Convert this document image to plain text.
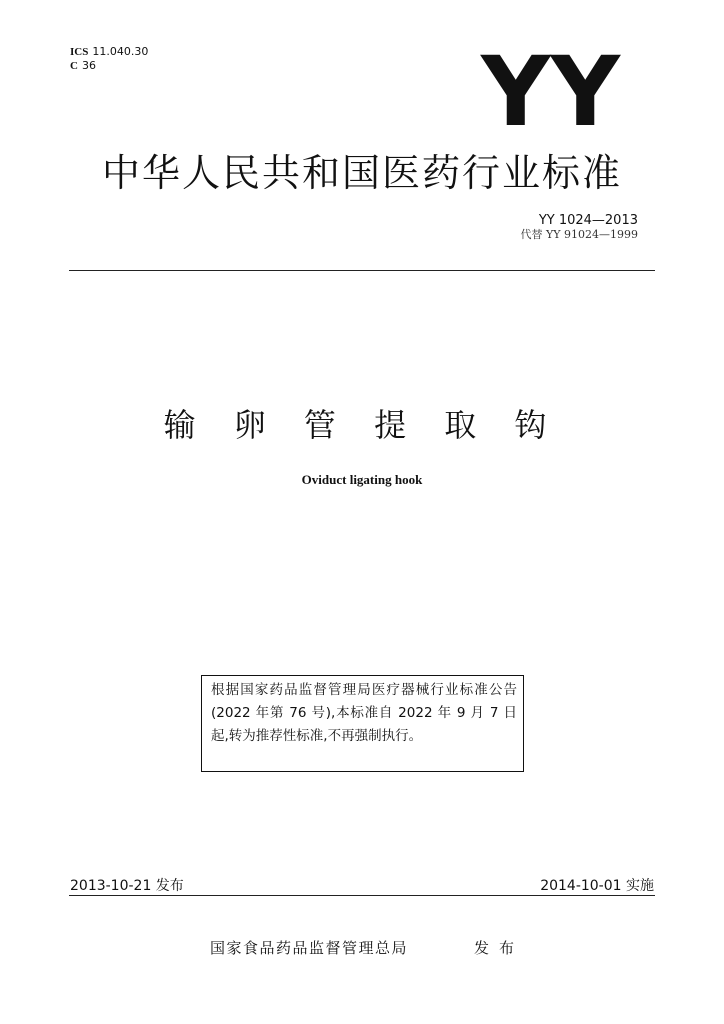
ICS 11.040.30
C 36	YY
中华人民共和国医药行业标准
YY 1024—2013
代替 YY 91024—1999
输 卵 管 提 取 钩
Oviduct ligating hook
根据国家药品监督管理局医疗器械行业标准公告(2022 年第 76 号),本标准自 2022 年 9 月 7 日起,转为推荐性标准,不再强制执行。
2013-10-21 发布	2014-10-01 实施
国家食品药品监督管理总局	发布
